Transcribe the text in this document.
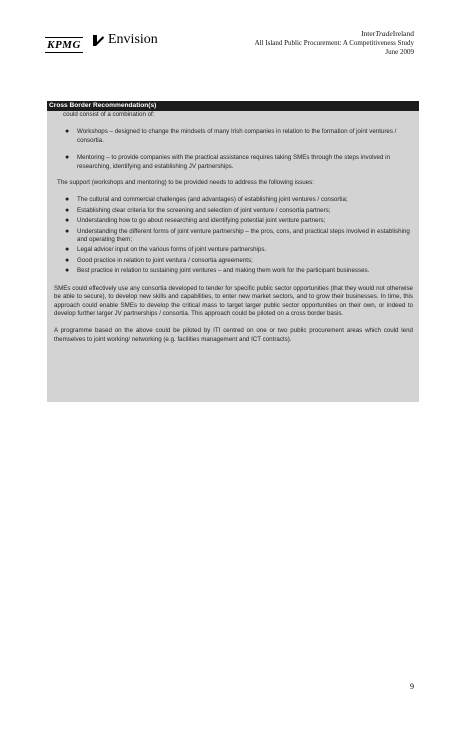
KPMG Envision	InterTradeIreland
All Island Public Procurement: A Competitiveness Study
June 2009
Cross Border Recommendation(s)

could consist of a combination of:

● Workshops – designed to change the mindsets of many Irish companies in relation to the formation of joint ventures / consortia.
● Mentoring – to provide companies with the practical assistance requires taking SMEs through the steps involved in researching, identifying and establishing JV partnerships.

The support (workshops and mentoring) to be provided needs to address the following issues:

● The cultural and commercial challenges (and advantages) of establishing joint ventures / consortia;
● Establishing clear criteria for the screening and selection of joint venture / consortia partners;
● Understanding how to go about researching and identifying potential joint venture partners;
● Understanding the different forms of joint venture partnership – the pros, cons, and practical steps involved in establishing and operating them;
● Legal advice/ input on the various forms of joint venture partnerships.
● Good practice in relation to joint ventura / consortia agreements;
● Best practice in relation to sustaining joint ventures – and making them work for the participant businesses.

SMEs could effectively use any consortia developed to tender for specific public sector opportunities (that they would not otherwise be able to secure), to develop new skills and capabilities, to enter new market sectors, and to grow their businesses. In time, this approach could enable SMEs to develop the critical mass to target larger public sector opportunities on their own, or indeed to develop further larger JV partnerships / consortia. This approach could be piloted on a cross border basis.

A programme based on the above could be piloted by ITI centred on one or two public procurement areas which could lend themselves to joint working/ networking (e.g. facilities management and ICT contracts).

9
